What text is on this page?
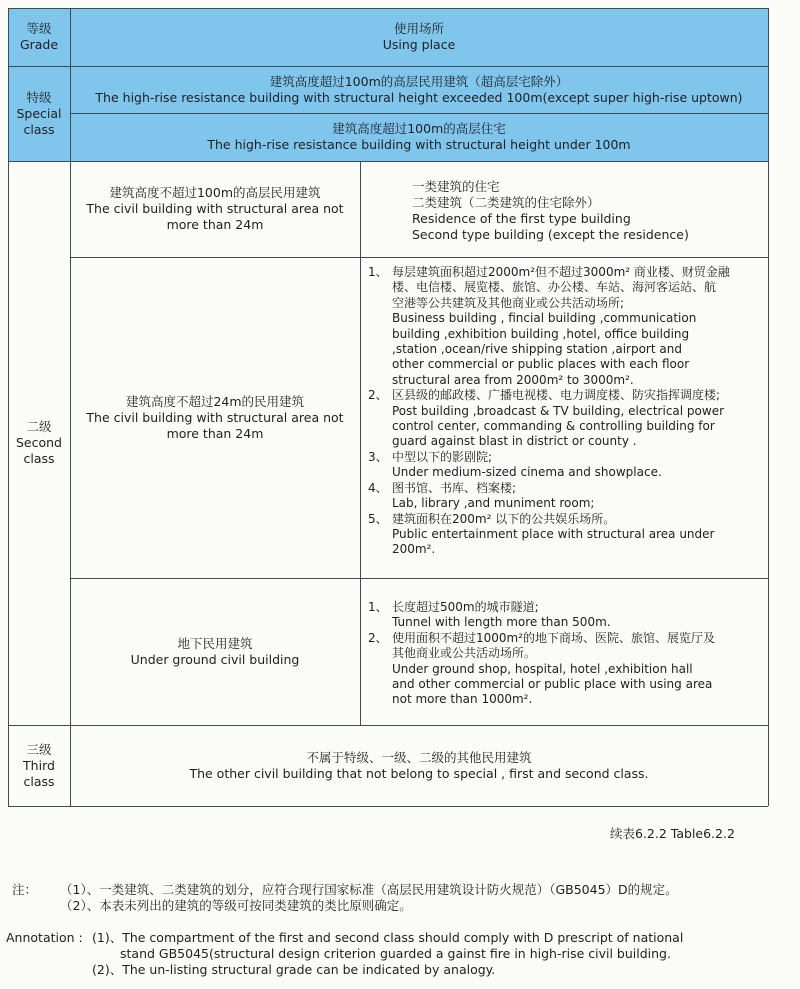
等级
Grade
使用场所
Using place
特级
Special
class
建筑高度超过100m的高层民用建筑（超高层宅除外）
The high-rise resistance building with structural height exceeded 100m(except super high-rise uptown)
建筑高度超过100m的高层住宅
The high-rise resistance building with structural height under 100m
二级
Second
class
建筑高度不超过100m的高层民用建筑
The civil building with structural area not
more than 24m
一类建筑的住宅
二类建筑（二类建筑的住宅除外）
Residence of the first type building
Second type building (except the residence)
建筑高度不超过24m的民用建筑
The civil building with structural area not
more than 24m
1、 每层建筑面积超过2000m²但不超过3000m² 商业楼、财贸金融
楼、电信楼、展览楼、旅馆、办公楼、车站、海河客运站、航
空港等公共建筑及其他商业或公共活动场所;
Business building , fincial building ,communication
building ,exhibition building ,hotel, office building
,station ,ocean/rive shipping station ,airport and
other commercial or public places with each floor
structural area from 2000m² to 3000m².
2、 区县级的邮政楼、广播电视楼、电力调度楼、防灾指挥调度楼;
Post building ,broadcast & TV building, electrical power
control center, commanding & controlling building for
guard against blast in district or county .
3、 中型以下的影剧院;
Under medium-sized cinema and showplace.
4、 图书馆、书库、档案楼;
Lab, library ,and muniment room;
5、 建筑面积在200m² 以下的公共娱乐场所。
Public entertainment place with structural area under
200m².
地下民用建筑
Under ground civil building
1、 长度超过500m的城市隧道;
Tunnel with length more than 500m.
2、 使用面积不超过1000m²的地下商场、医院、旅馆、展览厅及
其他商业或公共活动场所。
Under ground shop, hospital, hotel ,exhibition hall
and other commercial or public place with using area
not more than 1000m².
三级
Third
class
不属于特级、一级、二级的其他民用建筑
The other civil building that not belong to special , first and second class.
续表6.2.2 Table6.2.2
注： （1）、一类建筑、二类建筑的划分，应符合现行国家标准（高层民用建筑设计防火规范）（GB5045）D的规定。
（2）、本表未列出的建筑的等级可按同类建筑的类比原则确定。
Annotation : (1)、The compartment of the first and second class should comply with D prescript of national
stand GB5045(structural design criterion guarded a gainst fire in high-rise civil building.
(2)、The un-listing structural grade can be indicated by analogy.
